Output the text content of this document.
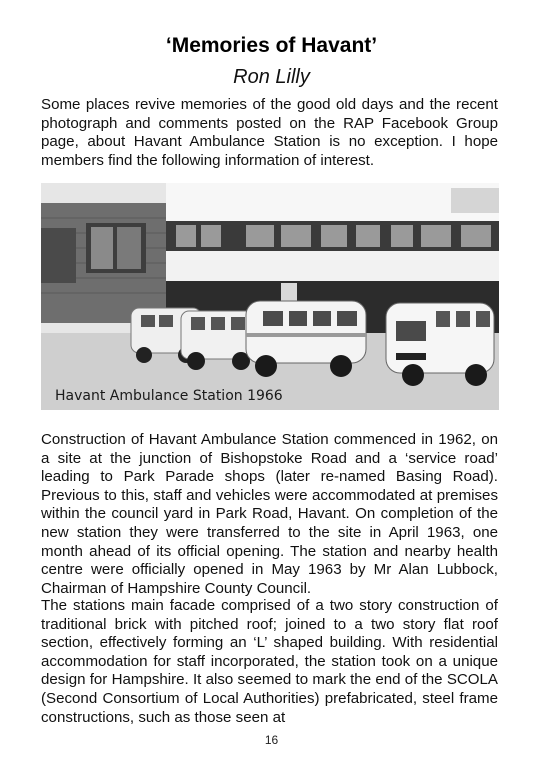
‘Memories of Havant’
Ron Lilly

Some places revive memories of the good old days and the recent photograph and comments posted on the RAP Facebook Group page, about Havant Ambulance Station is no exception. I hope members find the following information of interest.

Havant Ambulance Station 1966

Construction of Havant Ambulance Station commenced in 1962, on a site at the junction of Bishopstoke Road and a ‘service road’ leading to Park Parade shops (later re-named Basing Road). Previous to this, staff and vehicles were accommodated at premises within the council yard in Park Road, Havant. On completion of the new station they were transferred to the site in April 1963, one month ahead of its official opening. The station and nearby health centre were officially opened in May 1963 by Mr Alan Lubbock, Chairman of Hampshire County Council.

The stations main facade comprised of a two story construction of traditional brick with pitched roof; joined to a two story flat roof section, effectively forming an ‘L’ shaped building. With residential accommodation for staff incorporated, the station took on a unique design for Hampshire. It also seemed to mark the end of the SCOLA (Second Consortium of Local Authorities) prefabricated, steel frame constructions, such as those seen at

16
